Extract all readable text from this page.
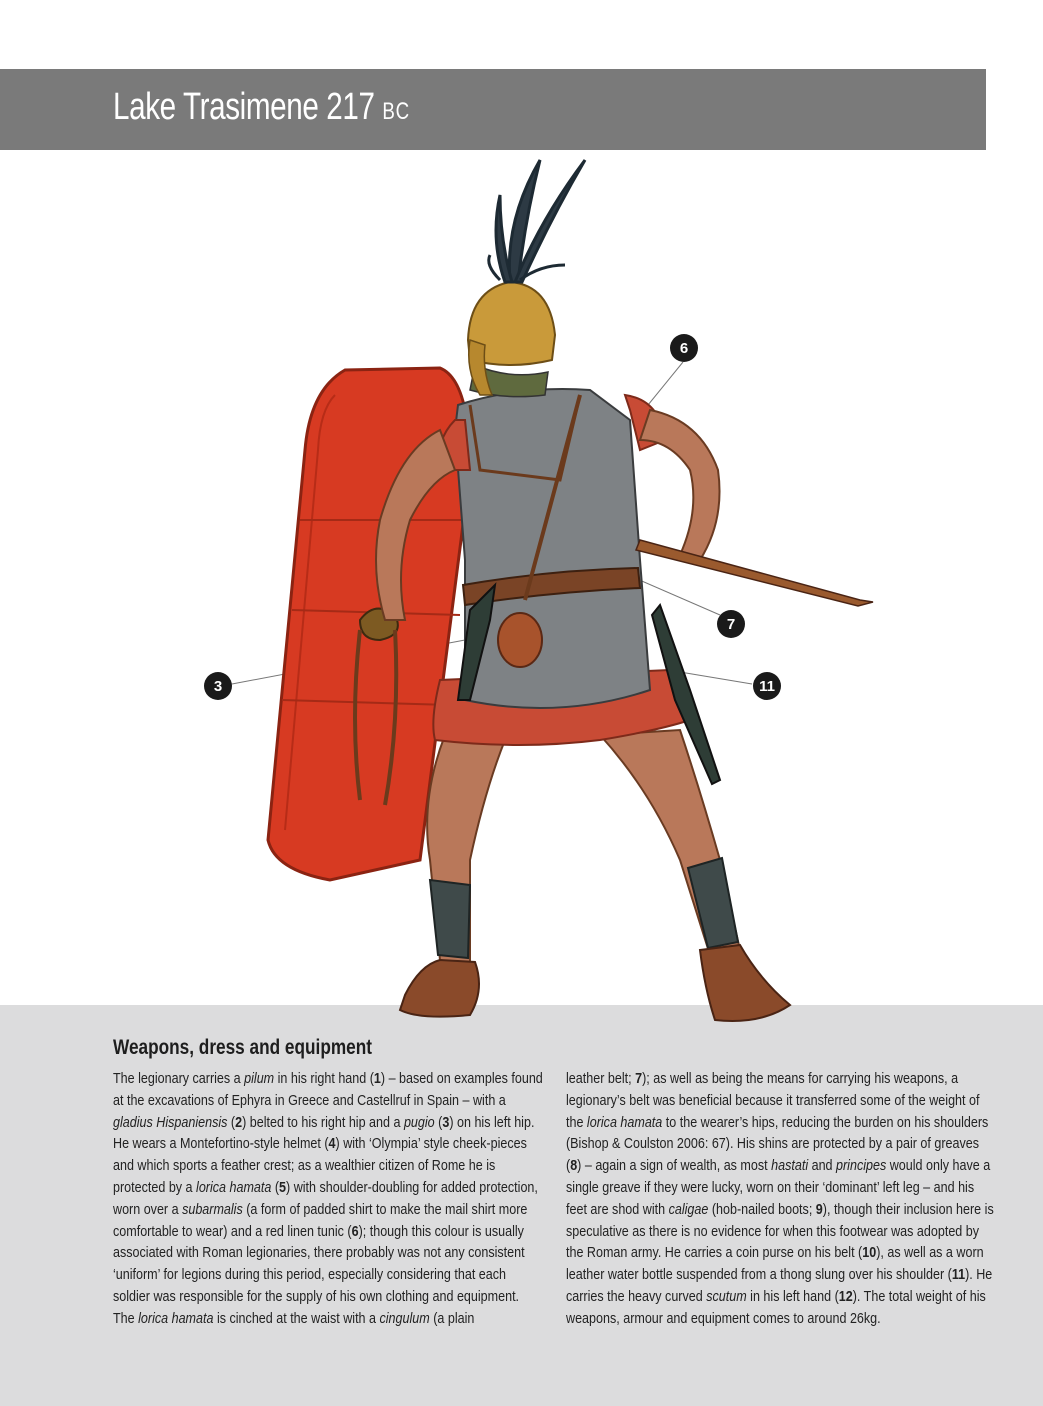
Lake Trasimene 217 BC
6
7
3	11
Weapons, dress and equipment

The legionary carries a pilum in his right hand (1) – based on examples found at the excavations of Ephyra in Greece and Castellruf in Spain – with a gladius Hispaniensis (2) belted to his right hip and a pugio (3) on his left hip. He wears a Montefortino-style helmet (4) with ‘Olympia’ style cheek-pieces and which sports a feather crest; as a wealthier citizen of Rome he is protected by a lorica hamata (5) with shoulder-doubling for added protection, worn over a subarmalis (a form of padded shirt to make the mail shirt more comfortable to wear) and a red linen tunic (6); though this colour is usually associated with Roman legionaries, there probably was not any consistent ‘uniform’ for legions during this period, especially considering that each soldier was responsible for the supply of his own clothing and equipment. The lorica hamata is cinched at the waist with a cingulum (a plain

leather belt; 7); as well as being the means for carrying his weapons, a legionary’s belt was beneficial because it transferred some of the weight of the lorica hamata to the wearer’s hips, reducing the burden on his shoulders (Bishop & Coulston 2006: 67). His shins are protected by a pair of greaves (8) – again a sign of wealth, as most hastati and principes would only have a single greave if they were lucky, worn on their ‘dominant’ left leg – and his feet are shod with caligae (hob-nailed boots; 9), though their inclusion here is speculative as there is no evidence for when this footwear was adopted by the Roman army. He carries a coin purse on his belt (10), as well as a worn leather water bottle suspended from a thong slung over his shoulder (11). He carries the heavy curved scutum in his left hand (12). The total weight of his weapons, armour and equipment comes to around 26kg.
